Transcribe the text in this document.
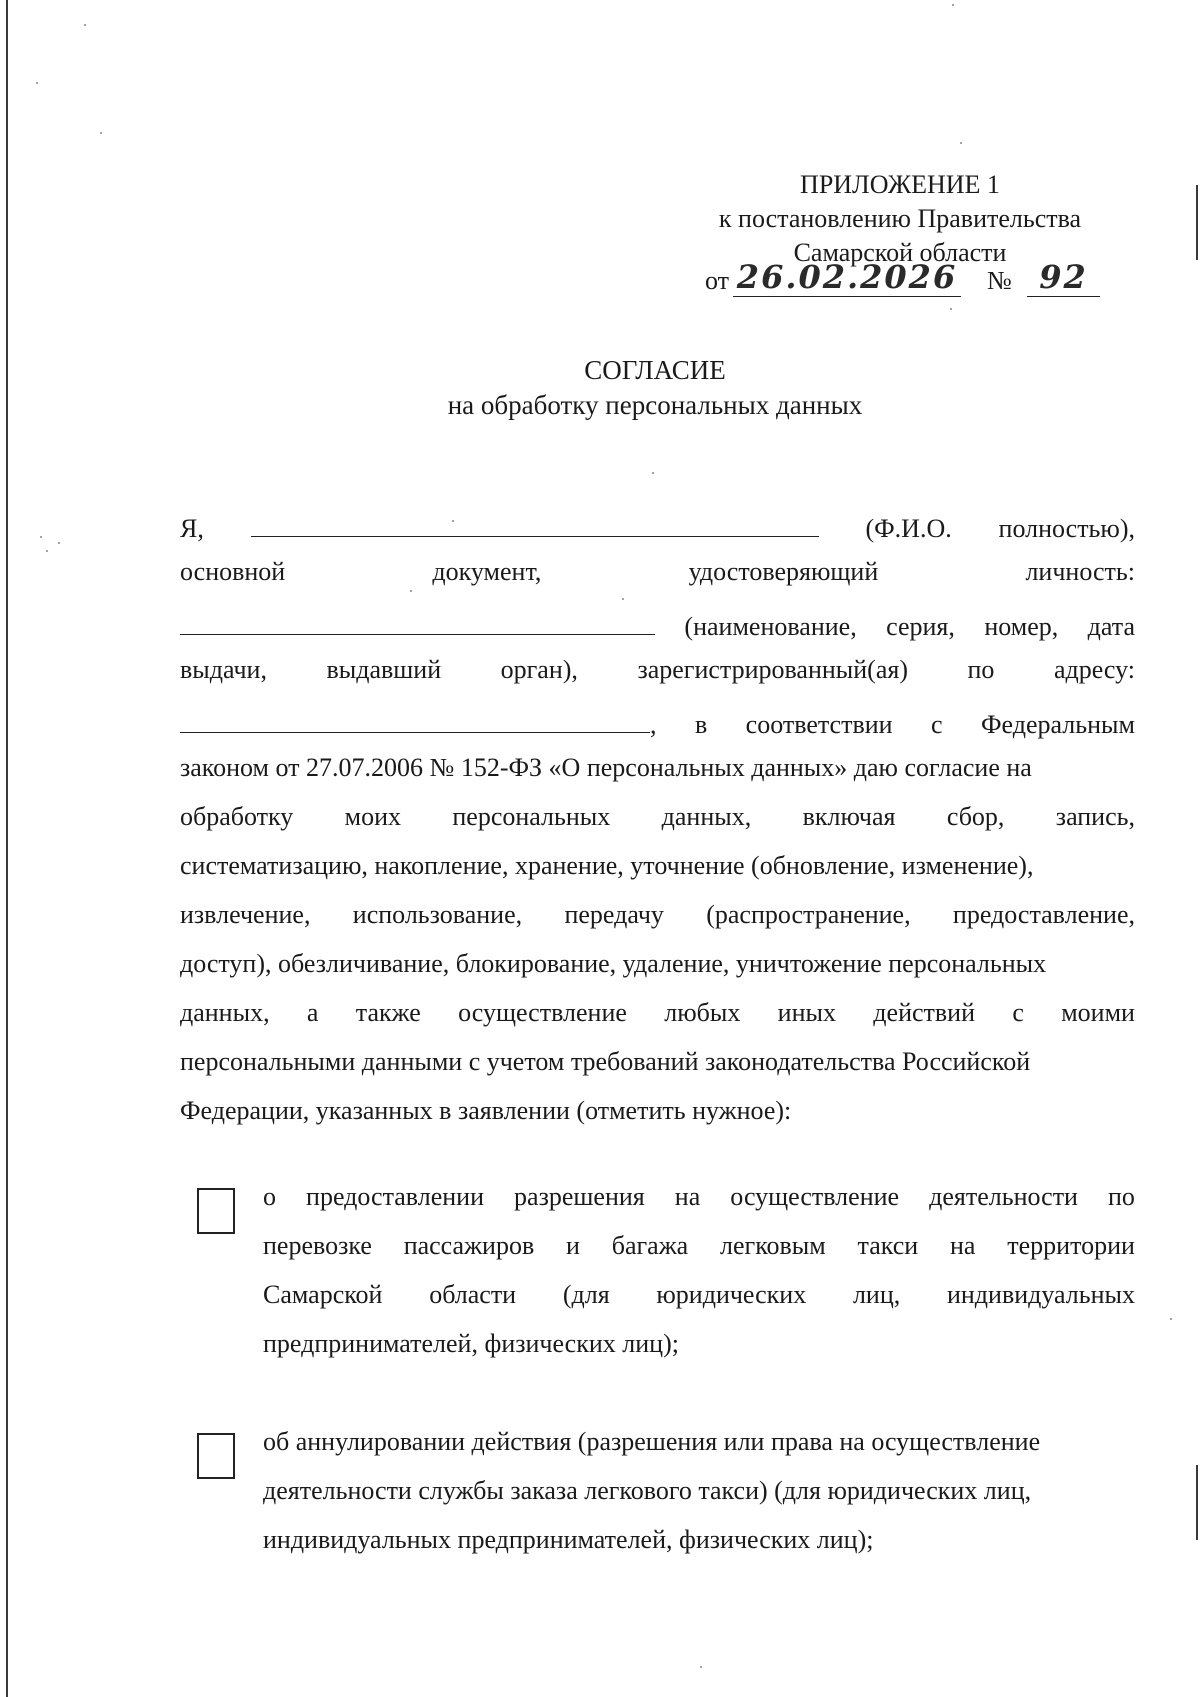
ПРИЛОЖЕНИЕ 1
к постановлению Правительства
Самарской области
от 26.02.2026 № 92
СОГЛАСИЕ
на обработку персональных данных
Я,	(Ф.И.О. полностью),
основной	документ,	удостоверяющий	личность:
(наименование, серия, номер, дата
выдачи, выдавший орган), зарегистрированный(ая) по адресу:
, в соответствии с Федеральным
законом от 27.07.2006 № 152-ФЗ «О персональных данных» даю согласие на
обработку моих персональных данных, включая сбор, запись,
систематизацию, накопление, хранение, уточнение (обновление, изменение),
извлечение, использование, передачу (распространение, предоставление,
доступ), обезличивание, блокирование, удаление, уничтожение персональных
данных, а также осуществление любых иных действий с моими
персональными данными с учетом требований законодательства Российской
Федерации, указанных в заявлении (отметить нужное):
о предоставлении разрешения на осуществление деятельности по
перевозке пассажиров и багажа легковым такси на территории
Самарской области (для юридических лиц, индивидуальных
предпринимателей, физических лиц);
об аннулировании действия (разрешения или права на осуществление
деятельности службы заказа легкового такси) (для юридических лиц,
индивидуальных предпринимателей, физических лиц);
